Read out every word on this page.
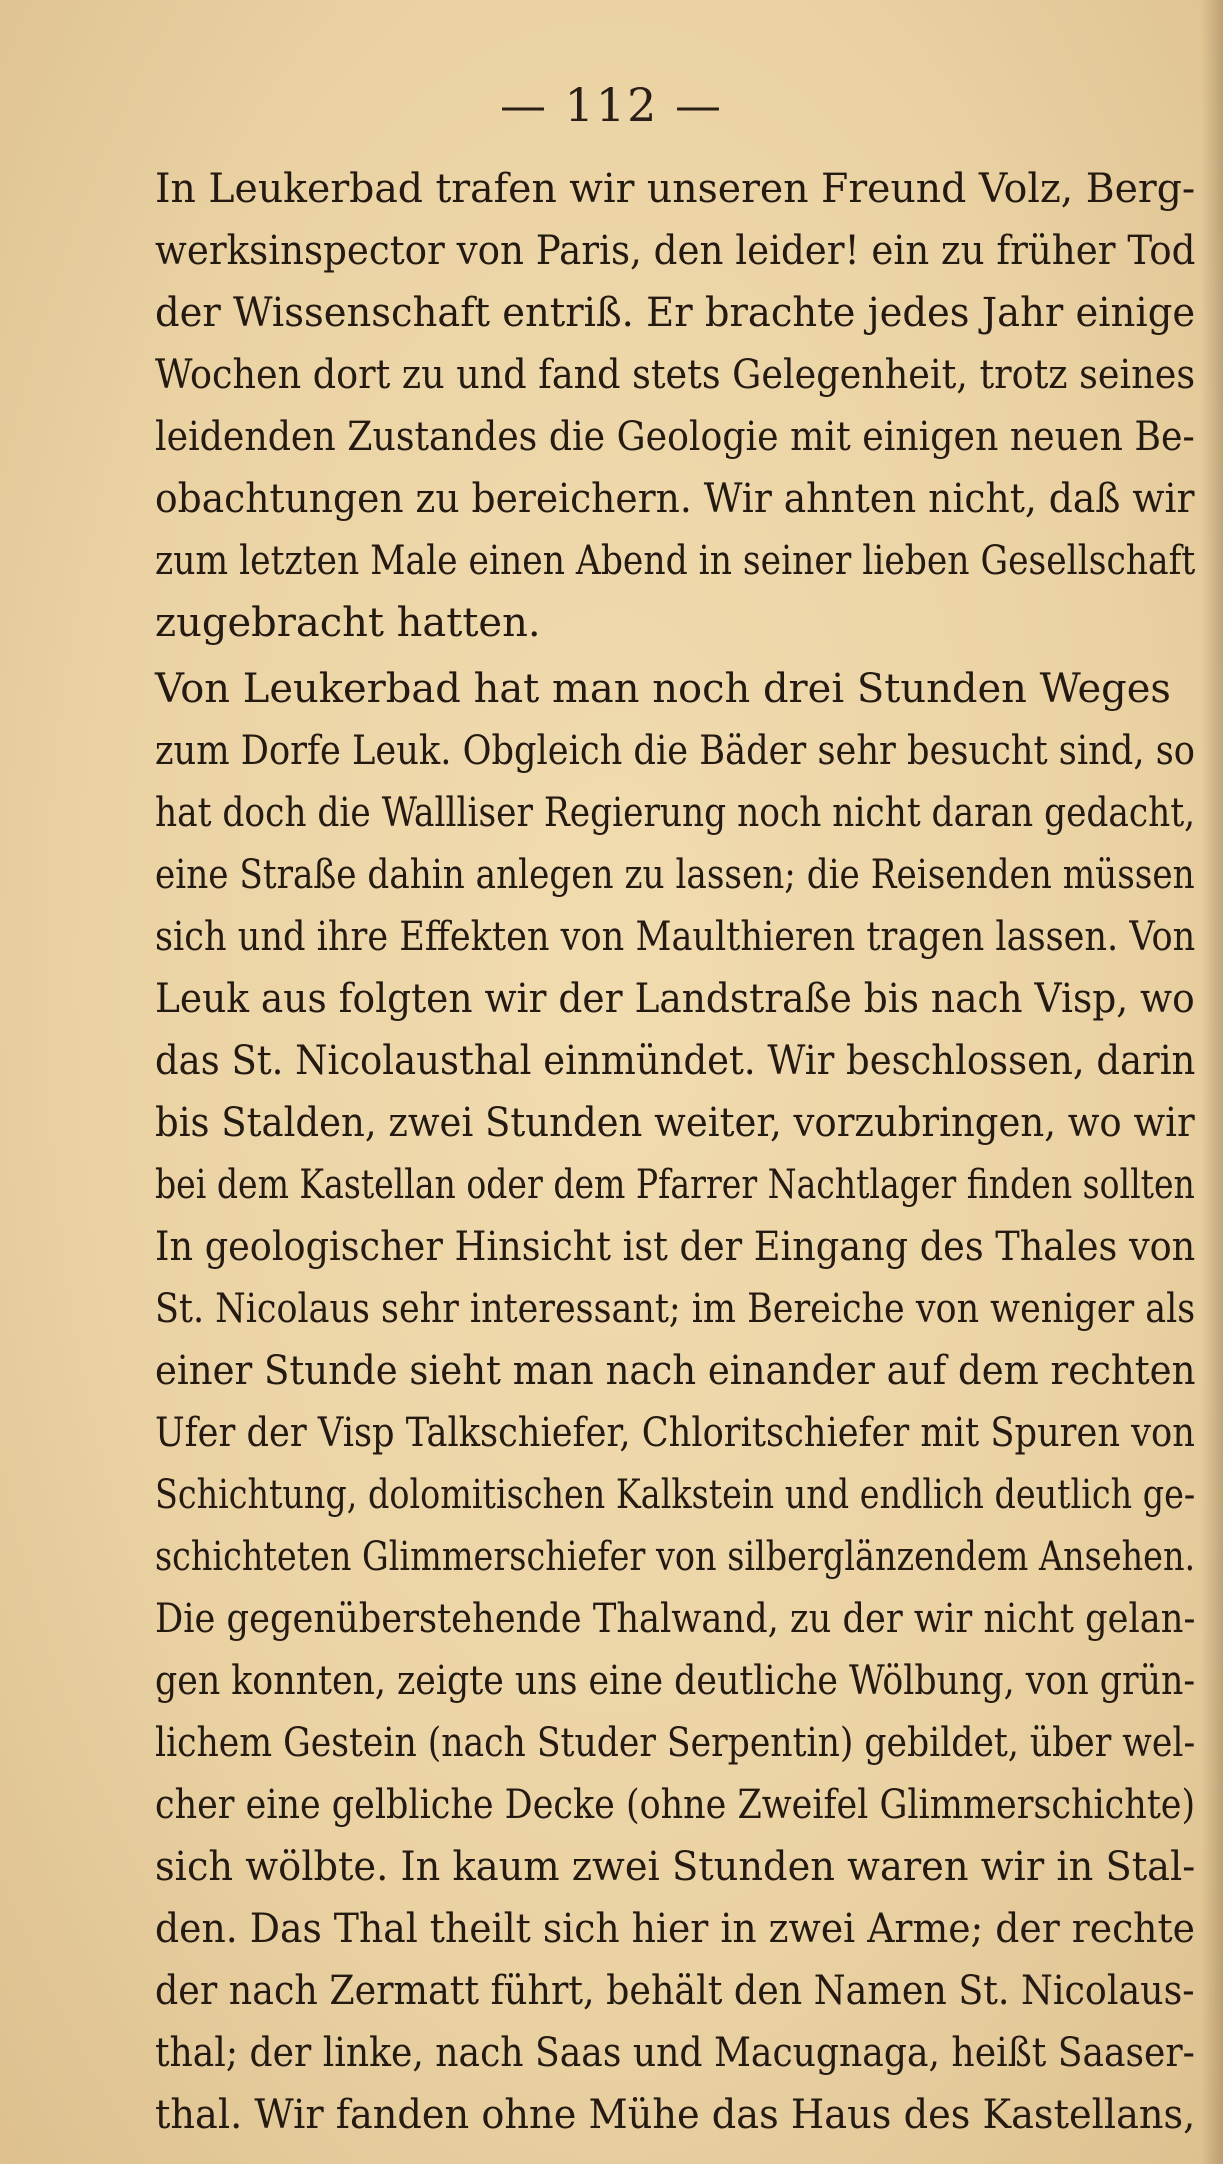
— 112 —
In Leukerbad trafen wir unseren Freund Volz, Berg-
werksinspector von Paris, den leider! ein zu früher Tod
der Wissenschaft entriß. Er brachte jedes Jahr einige
Wochen dort zu und fand stets Gelegenheit, trotz seines
leidenden Zustandes die Geologie mit einigen neuen Be-
obachtungen zu bereichern. Wir ahnten nicht, daß wir
zum letzten Male einen Abend in seiner lieben Gesellschaft
zugebracht hatten.
Von Leukerbad hat man noch drei Stunden Weges
zum Dorfe Leuk. Obgleich die Bäder sehr besucht sind, so
hat doch die Wallliser Regierung noch nicht daran gedacht,
eine Straße dahin anlegen zu lassen; die Reisenden müssen
sich und ihre Effekten von Maulthieren tragen lassen. Von
Leuk aus folgten wir der Landstraße bis nach Visp, wo
das St. Nicolausthal einmündet. Wir beschlossen, darin
bis Stalden, zwei Stunden weiter, vorzubringen, wo wir
bei dem Kastellan oder dem Pfarrer Nachtlager finden sollten
In geologischer Hinsicht ist der Eingang des Thales von
St. Nicolaus sehr interessant; im Bereiche von weniger als
einer Stunde sieht man nach einander auf dem rechten
Ufer der Visp Talkschiefer, Chloritschiefer mit Spuren von
Schichtung, dolomitischen Kalkstein und endlich deutlich ge-
schichteten Glimmerschiefer von silberglänzendem Ansehen.
Die gegenüberstehende Thalwand, zu der wir nicht gelan-
gen konnten, zeigte uns eine deutliche Wölbung, von grün-
lichem Gestein (nach Studer Serpentin) gebildet, über wel-
cher eine gelbliche Decke (ohne Zweifel Glimmerschichte)
sich wölbte. In kaum zwei Stunden waren wir in Stal-
den. Das Thal theilt sich hier in zwei Arme; der rechte
der nach Zermatt führt, behält den Namen St. Nicolaus-
thal; der linke, nach Saas und Macugnaga, heißt Saaser-
thal. Wir fanden ohne Mühe das Haus des Kastellans,
